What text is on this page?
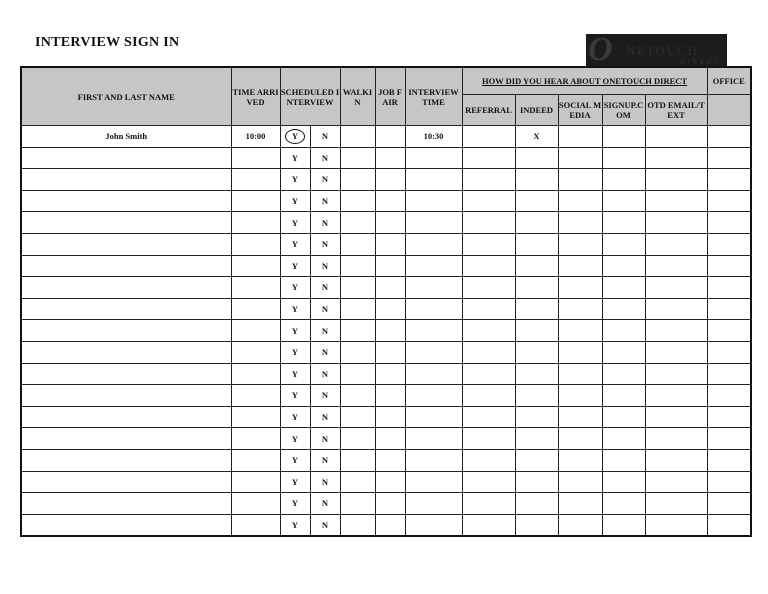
INTERVIEW SIGN IN	O NETOUCH
DIRECT
FIRST AND LAST NAME	TIME ARRIVED	SCHEDULED INTERVIEW		WALKIN	JOB FAIR	INTERVIEW TIME	HOW DID YOU HEAR ABOUT ONETOUCH DIRECT					OFFICE
							REFERRAL	INDEED	SOCIAL MEDIA	SIGNUP.COM	OTD EMAIL/TEXT	
John Smith	10:00	Y	N			10:30		X				
		Y	N									
		Y	N									
		Y	N									
		Y	N									
		Y	N									
		Y	N									
		Y	N									
		Y	N									
		Y	N									
		Y	N									
		Y	N									
		Y	N									
		Y	N									
		Y	N									
		Y	N									
		Y	N									
		Y	N									
		Y	N									
